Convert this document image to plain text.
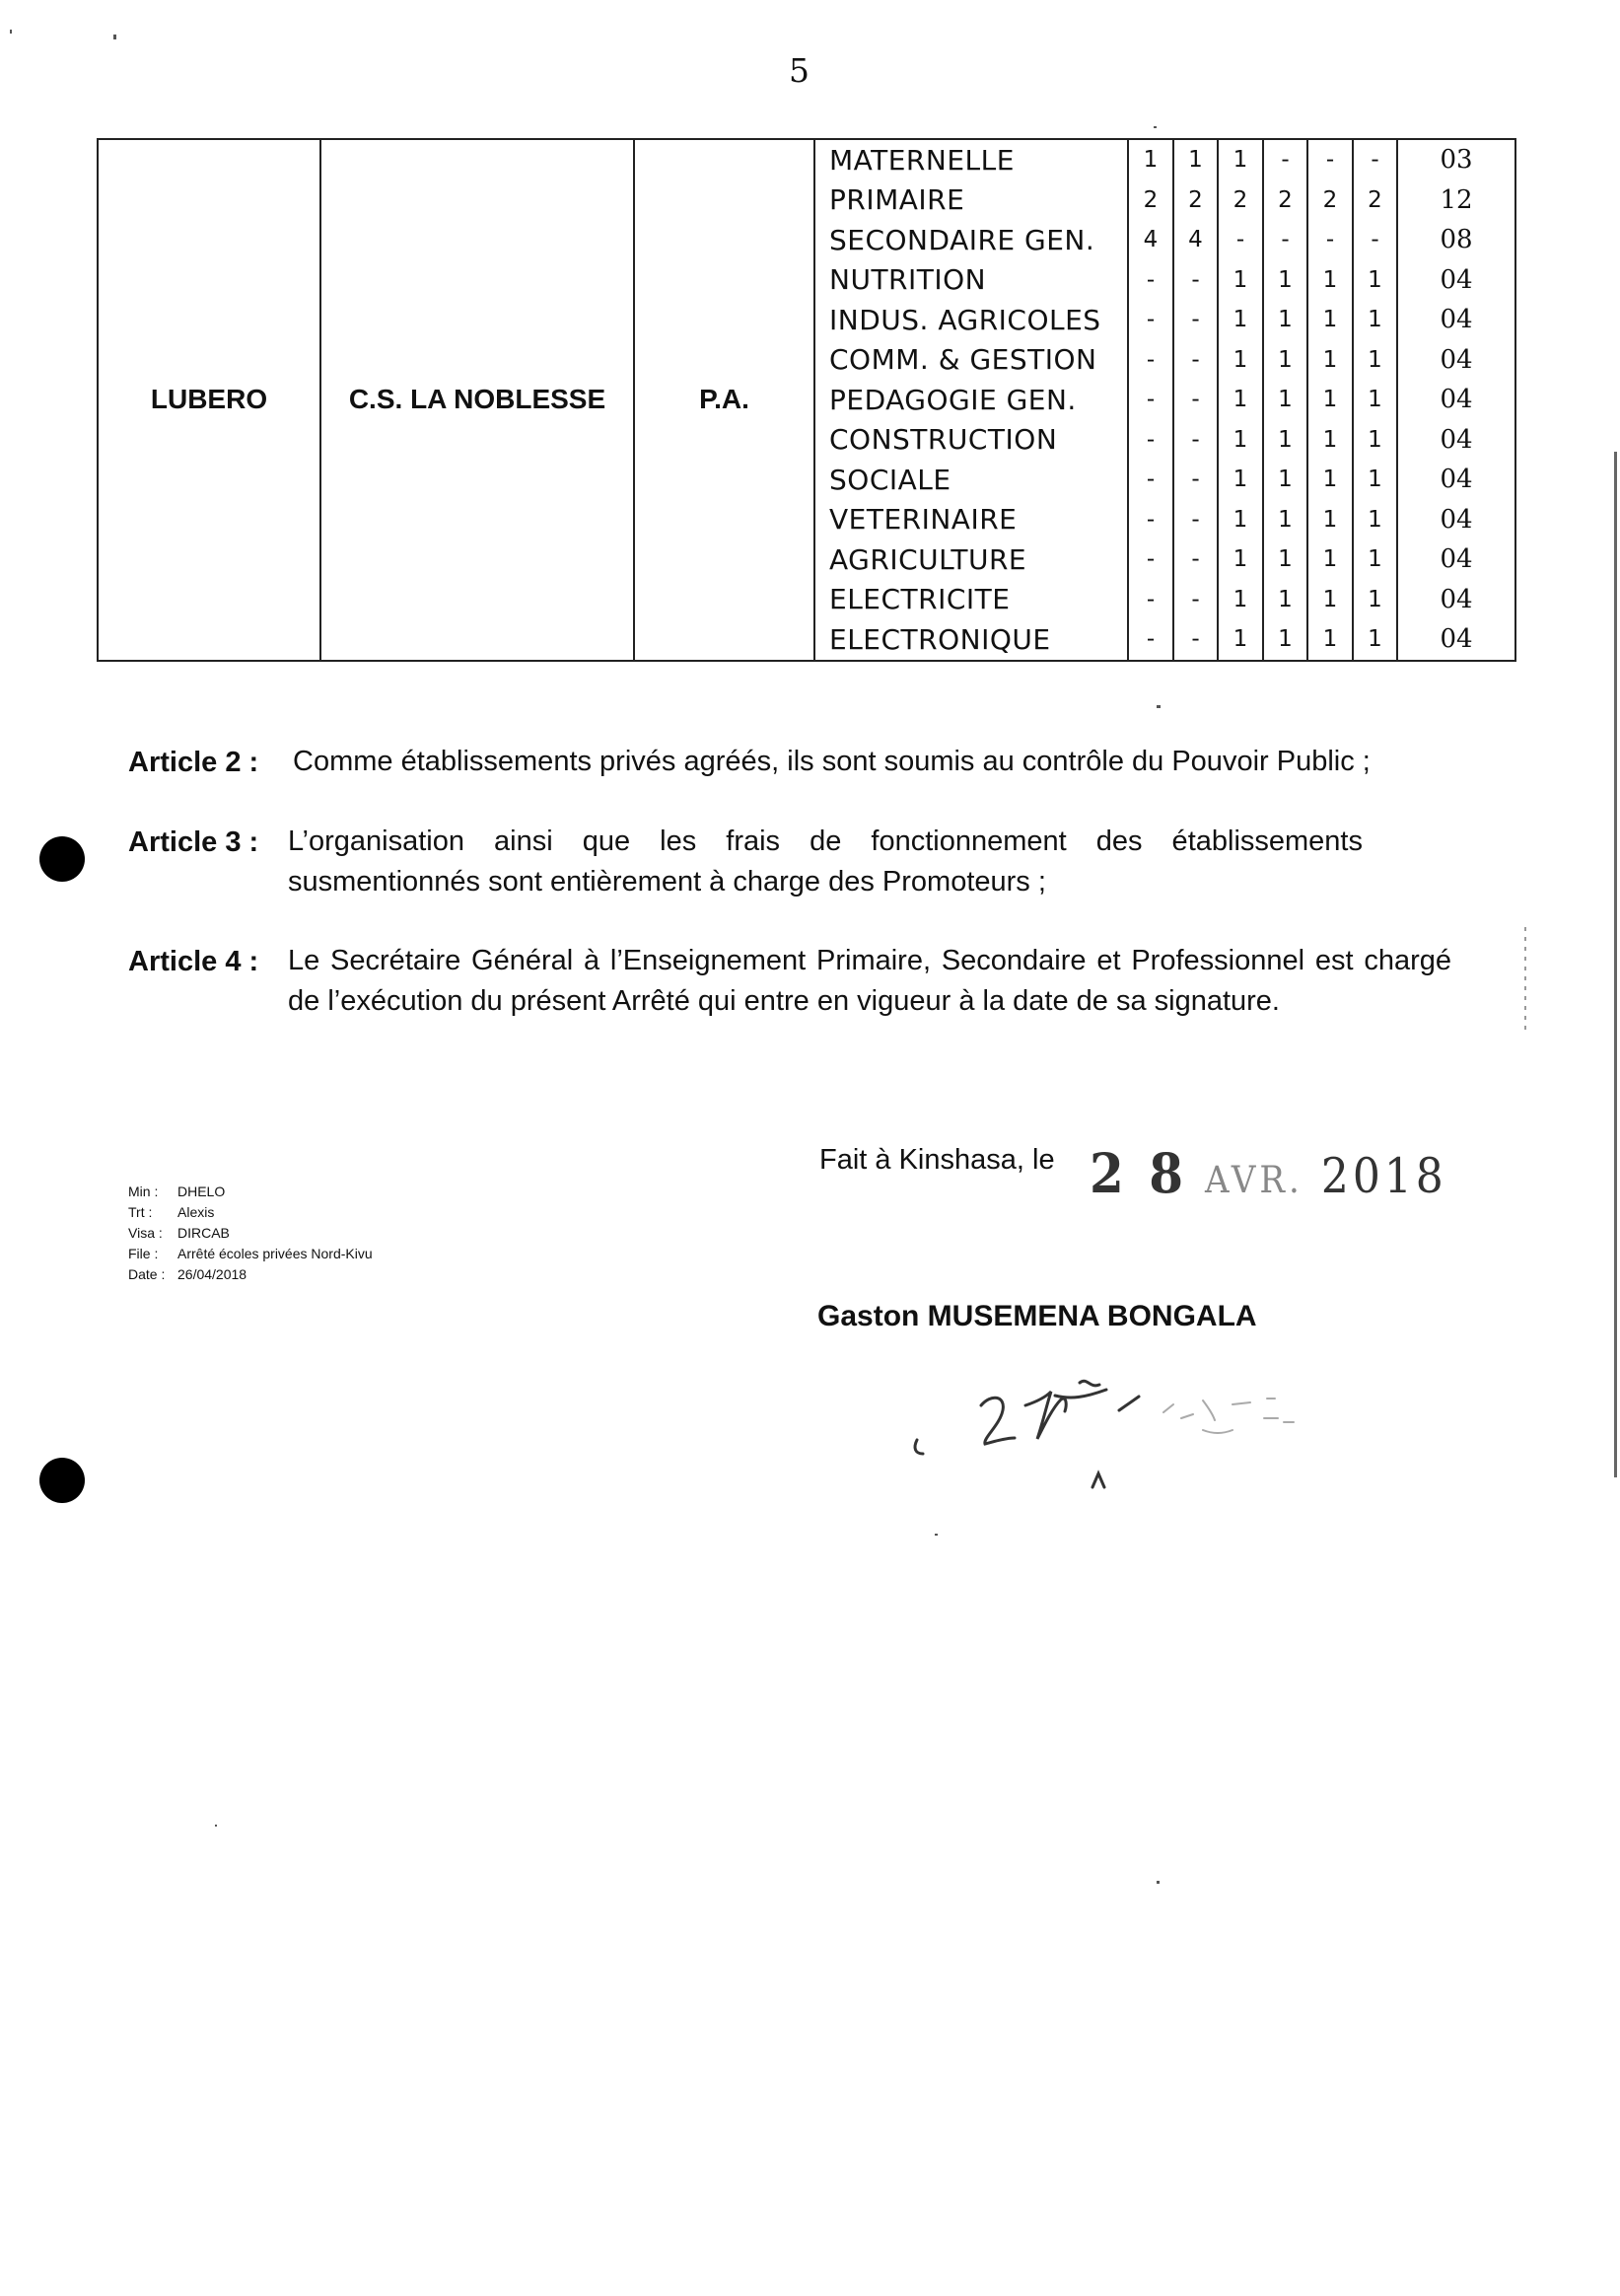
5
LUBERO	C.S. LA NOBLESSE	P.A.	MATERNELLE	1	1	1	-	-	-	03
			PRIMAIRE	2	2	2	2	2	2	12
			SECONDAIRE GEN.	4	4	-	-	-	-	08
			NUTRITION	-	-	1	1	1	1	04
			INDUS. AGRICOLES	-	-	1	1	1	1	04
			COMM. & GESTION	-	-	1	1	1	1	04
			PEDAGOGIE GEN.	-	-	1	1	1	1	04
			CONSTRUCTION	-	-	1	1	1	1	04
			SOCIALE	-	-	1	1	1	1	04
			VETERINAIRE	-	-	1	1	1	1	04
			AGRICULTURE	-	-	1	1	1	1	04
			ELECTRICITE	-	-	1	1	1	1	04
			ELECTRONIQUE	-	-	1	1	1	1	04
Article 2 : Comme établissements privés agréés, ils sont soumis au contrôle du Pouvoir Public ;
Article 3 : L’organisation ainsi que les frais de fonctionnement des établissements susmentionnés sont entièrement à charge des Promoteurs ;
Article 4 : Le Secrétaire Général à l’Enseignement Primaire, Secondaire et Professionnel est chargé de l’exécution du présent Arrêté qui entre en vigueur à la date de sa signature.
Fait à Kinshasa, le 2 8 AVR. 2018
Min : DHELO
Trt : Alexis
Visa : DIRCAB
File : Arrêté écoles privées Nord-Kivu
Date : 26/04/2018
Gaston MUSEMENA BONGALA
